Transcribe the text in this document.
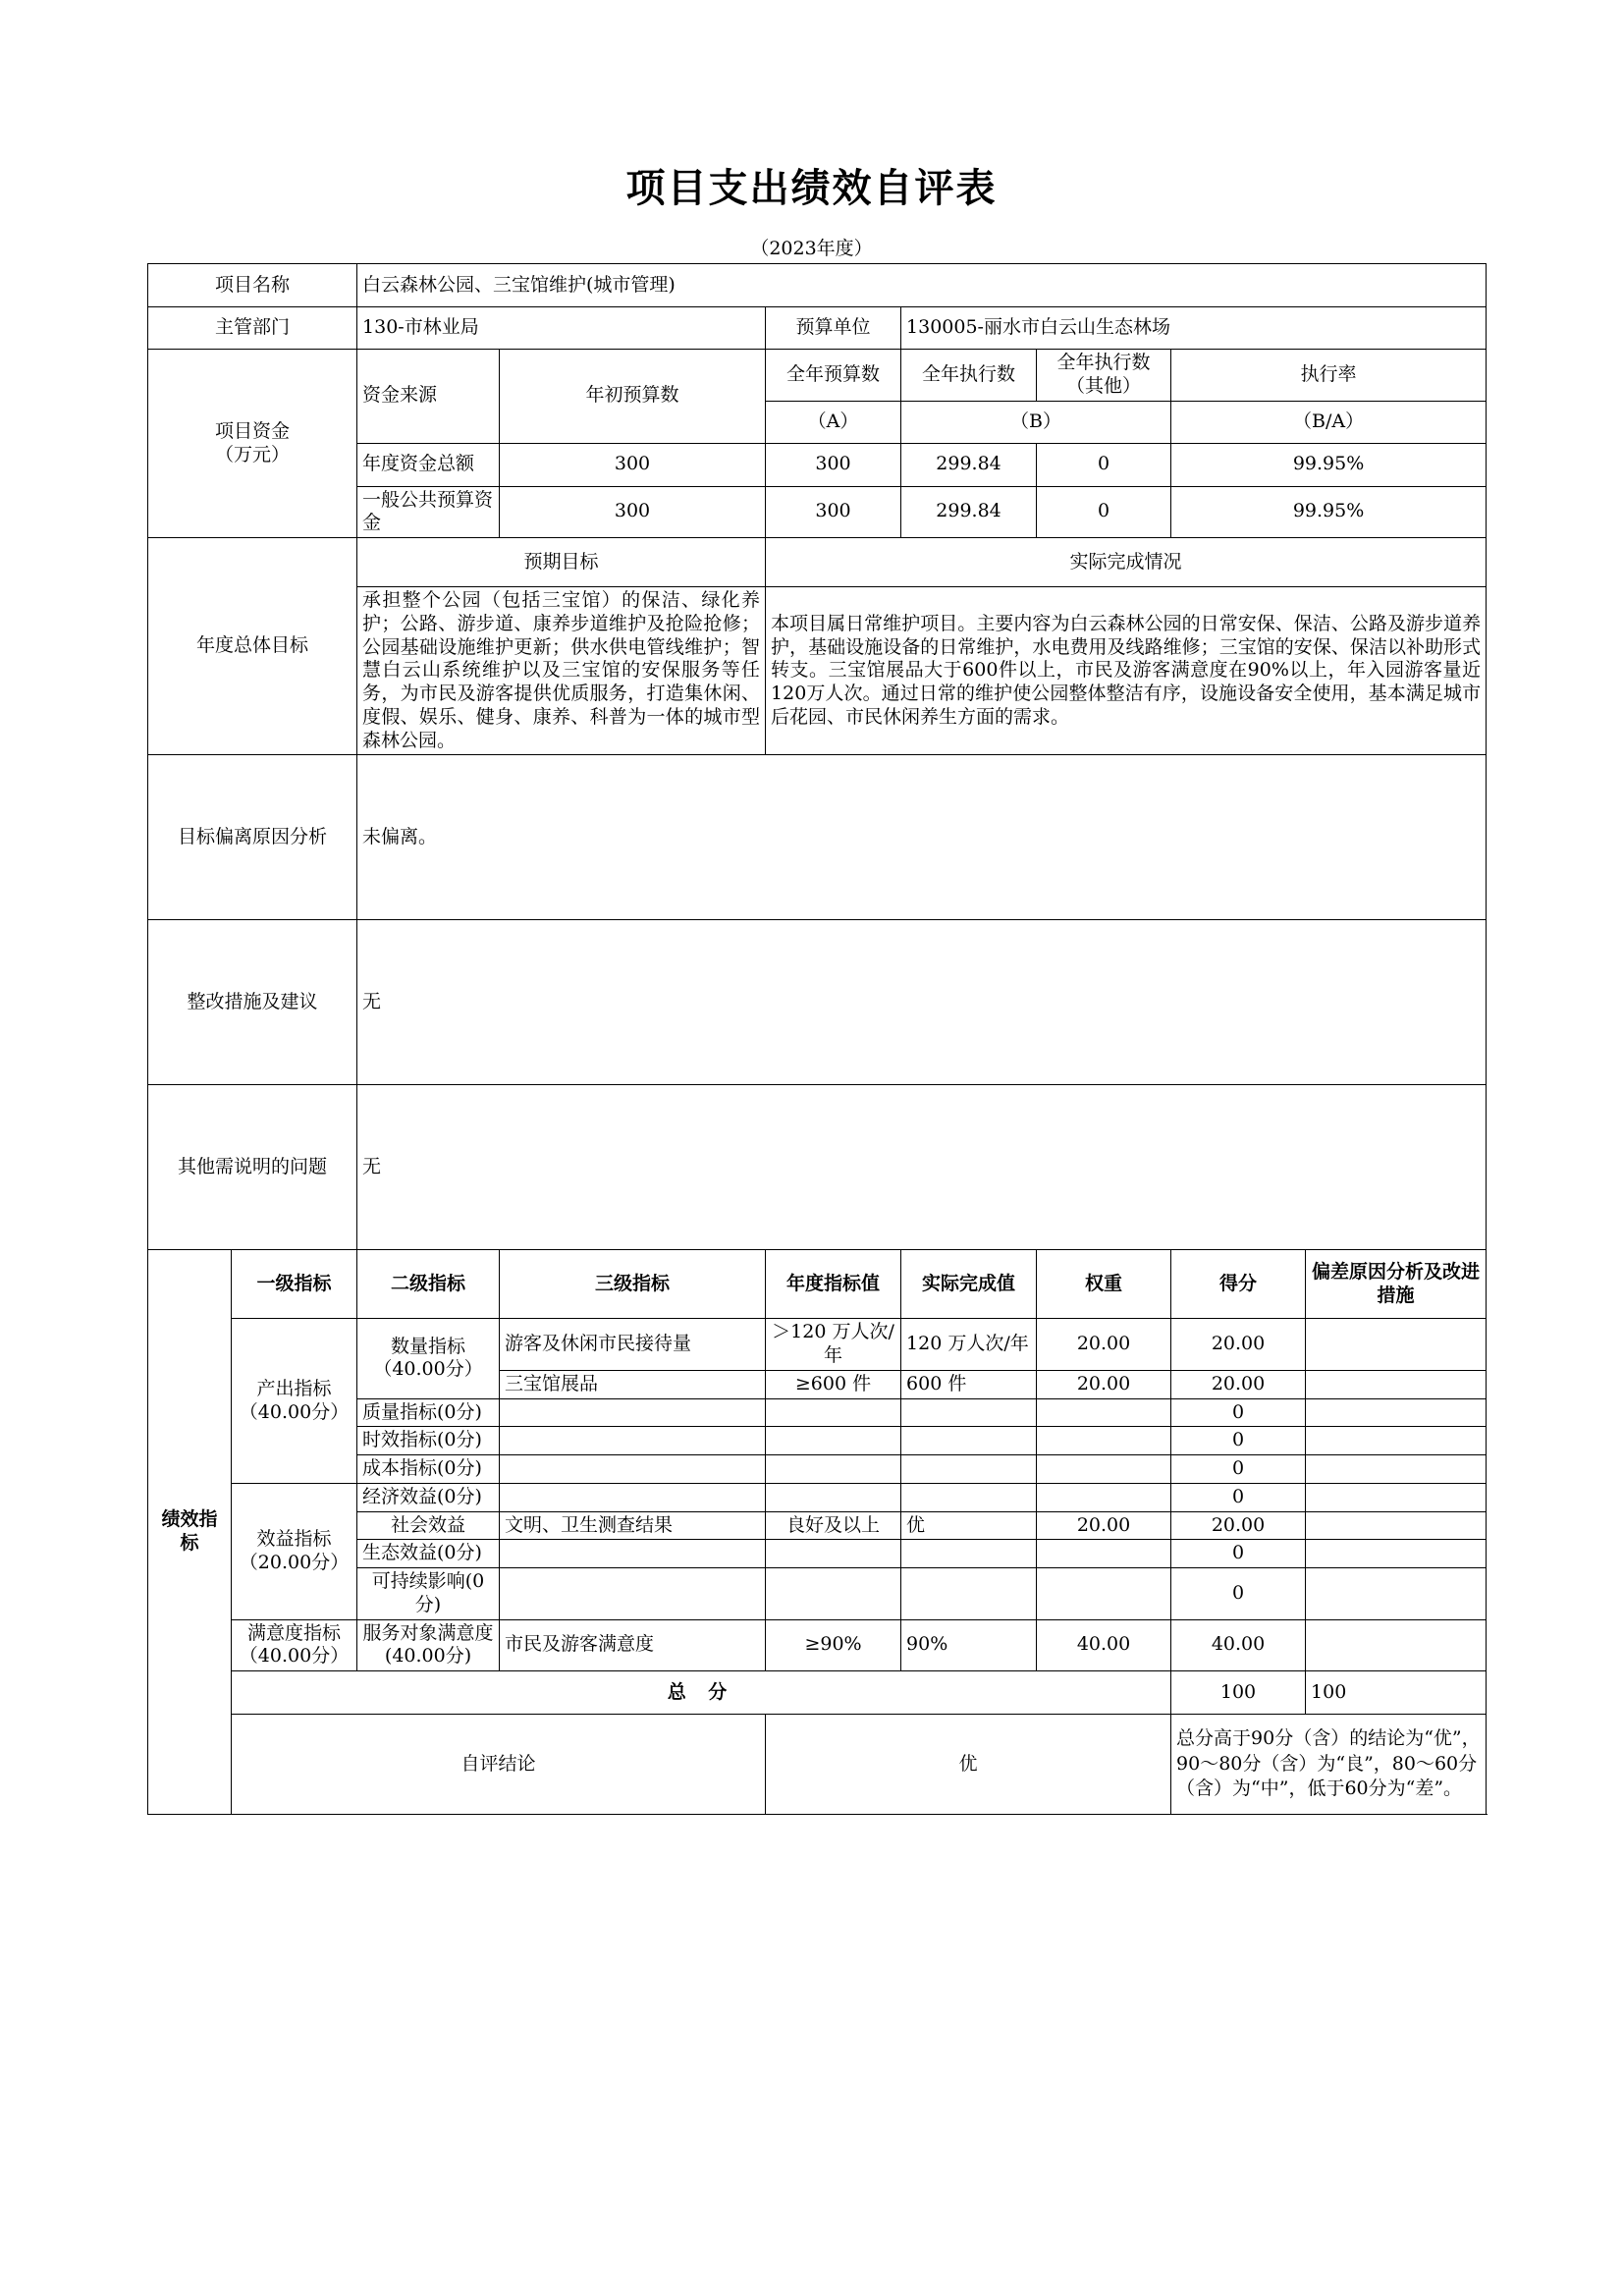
项目支出绩效自评表
（2023年度）
项目名称		白云森林公园、三宝馆维护(城市管理)							
主管部门		130-市林业局		预算单位	130005-丽水市白云山生态林场				
项目资金
（万元）		资金来源	年初预算数	全年预算数	全年执行数	全年执行数（其他）	执行率		
				（A）	（B）		（B/A）		
		年度资金总额	300	300	299.84	0	99.95%		
		一般公共预算资金	300	300	299.84	0	99.95%		
年度总体目标		预期目标		实际完成情况					
		承担整个公园（包括三宝馆）的保洁、绿化养护；公路、游步道、康养步道维护及抢险抢修；公园基础设施维护更新；供水供电管线维护；智慧白云山系统维护以及三宝馆的安保服务等任务，为市民及游客提供优质服务，打造集休闲、度假、娱乐、健身、康养、科普为一体的城市型森林公园。		本项目属日常维护项目。主要内容为白云森林公园的日常安保、保洁、公路及游步道养护，基础设施设备的日常维护，水电费用及线路维修；三宝馆的安保、保洁以补助形式转支。三宝馆展品大于600件以上，市民及游客满意度在90%以上，年入园游客量近120万人次。通过日常的维护使公园整体整洁有序，设施设备安全使用，基本满足城市后花园、市民休闲养生方面的需求。					
目标偏离原因分析		未偏离。							
整改措施及建议		无							
其他需说明的问题		无							
绩效指标	一级指标	二级指标	三级指标	年度指标值	实际完成值	权重	得分	偏差原因分析及改进措施	
	产出指标（40.00分）	数量指标（40.00分）	游客及休闲市民接待量	＞120 万人次/年	120 万人次/年	20.00	20.00		
			三宝馆展品	≥600 件	600 件	20.00	20.00		
		质量指标(0分)					0		
		时效指标(0分)					0		
		成本指标(0分)					0		
	效益指标（20.00分）	经济效益(0分)					0		
		社会效益	文明、卫生测查结果	良好及以上	优	20.00	20.00		
		生态效益(0分)					0		
		可持续影响(0分)					0		
	满意度指标（40.00分）	服务对象满意度(40.00分)	市民及游客满意度	≥90%	90%	40.00	40.00		
	总 分						100	100	
	自评结论			优			总分高于90分（含）的结论为“优”，90～80分（含）为“良”，80～60分（含）为“中”，低于60分为“差”。		
